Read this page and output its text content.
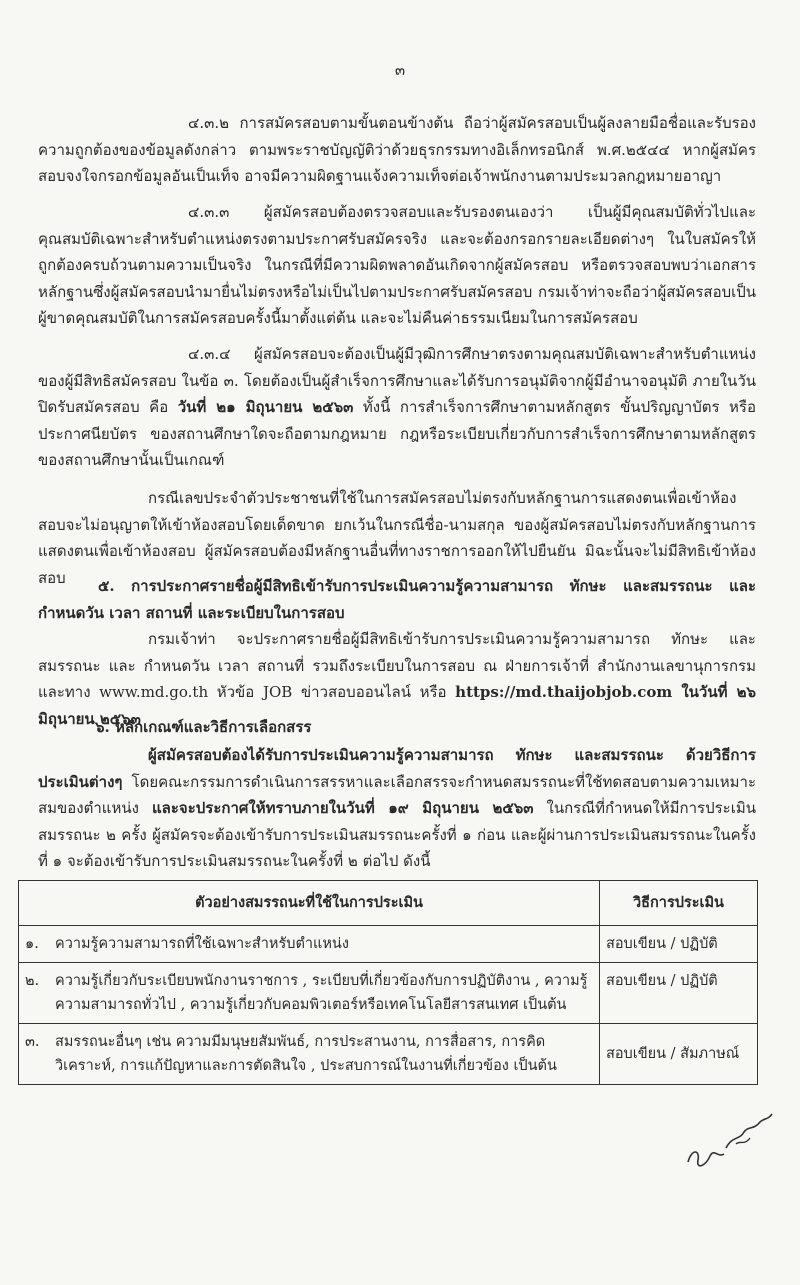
๓
๔.๓.๒ การสมัครสอบตามขั้นตอนข้างต้น ถือว่าผู้สมัครสอบเป็นผู้ลงลายมือชื่อและรับรองความถูกต้องของข้อมูลดังกล่าว ตามพระราชบัญญัติว่าด้วยธุรกรรมทางอิเล็กทรอนิกส์ พ.ศ.๒๕๔๔ หากผู้สมัครสอบจงใจกรอกข้อมูลอันเป็นเท็จ อาจมีความผิดฐานแจ้งความเท็จต่อเจ้าพนักงานตามประมวลกฎหมายอาญา
๔.๓.๓ ผู้สมัครสอบต้องตรวจสอบและรับรองตนเองว่า เป็นผู้มีคุณสมบัติทั่วไปและคุณสมบัติเฉพาะสำหรับตำแหน่งตรงตามประกาศรับสมัครจริง และจะต้องกรอกรายละเอียดต่างๆ ในใบสมัครให้ถูกต้องครบถ้วนตามความเป็นจริง ในกรณีที่มีความผิดพลาดอันเกิดจากผู้สมัครสอบ หรือตรวจสอบพบว่าเอกสารหลักฐานซึ่งผู้สมัครสอบนำมายื่นไม่ตรงหรือไม่เป็นไปตามประกาศรับสมัครสอบ กรมเจ้าท่าจะถือว่าผู้สมัครสอบเป็นผู้ขาดคุณสมบัติในการสมัครสอบครั้งนี้มาตั้งแต่ต้น และจะไม่คืนค่าธรรมเนียมในการสมัครสอบ
๔.๓.๔ ผู้สมัครสอบจะต้องเป็นผู้มีวุฒิการศึกษาตรงตามคุณสมบัติเฉพาะสำหรับตำแหน่งของผู้มีสิทธิสมัครสอบ ในข้อ ๓. โดยต้องเป็นผู้สำเร็จการศึกษาและได้รับการอนุมัติจากผู้มีอำนาจอนุมัติ ภายในวันปิดรับสมัครสอบ คือ วันที่ ๒๑ มิถุนายน ๒๕๖๓ ทั้งนี้ การสำเร็จการศึกษาตามหลักสูตร ขั้นปริญญาบัตร หรือประกาศนียบัตร ของสถานศึกษาใดจะถือตามกฎหมาย กฎหรือระเบียบเกี่ยวกับการสำเร็จการศึกษาตามหลักสูตรของสถานศึกษานั้นเป็นเกณฑ์
กรณีเลขประจำตัวประชาชนที่ใช้ในการสมัครสอบไม่ตรงกับหลักฐานการแสดงตนเพื่อเข้าห้องสอบจะไม่อนุญาตให้เข้าห้องสอบโดยเด็ดขาด ยกเว้นในกรณีชื่อ-นามสกุล ของผู้สมัครสอบไม่ตรงกับหลักฐานการแสดงตนเพื่อเข้าห้องสอบ ผู้สมัครสอบต้องมีหลักฐานอื่นที่ทางราชการออกให้ไปยืนยัน มิฉะนั้นจะไม่มีสิทธิเข้าห้องสอบ	๕. การประกาศรายชื่อผู้มีสิทธิเข้ารับการประเมินความรู้ความสามารถ ทักษะ และสมรรถนะ และกำหนดวัน เวลา สถานที่ และระเบียบในการสอบ
กรมเจ้าท่า จะประกาศรายชื่อผู้มีสิทธิเข้ารับการประเมินความรู้ความสามารถ ทักษะ และสมรรถนะ และ กำหนดวัน เวลา สถานที่ รวมถึงระเบียบในการสอบ ณ ฝ่ายการเจ้าที่ สำนักงานเลขานุการกรม และทาง www.md.go.th หัวข้อ JOB ข่าวสอบออนไลน์ หรือ https://md.thaijobjob.com ในวันที่ ๒๖ มิถุนายน ๒๕๖๓
๖. หลักเกณฑ์และวิธีการเลือกสรร
ผู้สมัครสอบต้องได้รับการประเมินความรู้ความสามารถ ทักษะ และสมรรถนะ ด้วยวิธีการประเมินต่างๆ โดยคณะกรรมการดำเนินการสรรหาและเลือกสรรจะกำหนดสมรรถนะที่ใช้ทดสอบตามความเหมาะสมของตำแหน่ง และจะประกาศให้ทราบภายในวันที่ ๑๙ มิถุนายน ๒๕๖๓ ในกรณีที่กำหนดให้มีการประเมินสมรรถนะ ๒ ครั้ง ผู้สมัครจะต้องเข้ารับการประเมินสมรรถนะครั้งที่ ๑ ก่อน และผู้ผ่านการประเมินสมรรถนะในครั้งที่ ๑ จะต้องเข้ารับการประเมินสมรรถนะในครั้งที่ ๒ ต่อไป ดังนี้
ตัวอย่างสมรรถนะที่ใช้ในการประเมิน	วิธีการประเมิน
๑. ความรู้ความสามารถที่ใช้เฉพาะสำหรับตำแหน่ง	สอบเขียน / ปฏิบัติ
๒. ความรู้เกี่ยวกับระเบียบพนักงานราชการ , ระเบียบที่เกี่ยวข้องกับการปฏิบัติงาน , ความรู้ความสามารถทั่วไป , ความรู้เกี่ยวกับคอมพิวเตอร์หรือเทคโนโลยีสารสนเทศ เป็นต้น	สอบเขียน / ปฏิบัติ
๓. สมรรถนะอื่นๆ เช่น ความมีมนุษยสัมพันธ์, การประสานงาน, การสื่อสาร, การคิดวิเคราะห์, การแก้ปัญหาและการตัดสินใจ , ประสบการณ์ในงานที่เกี่ยวข้อง เป็นต้น	สอบเขียน / สัมภาษณ์
